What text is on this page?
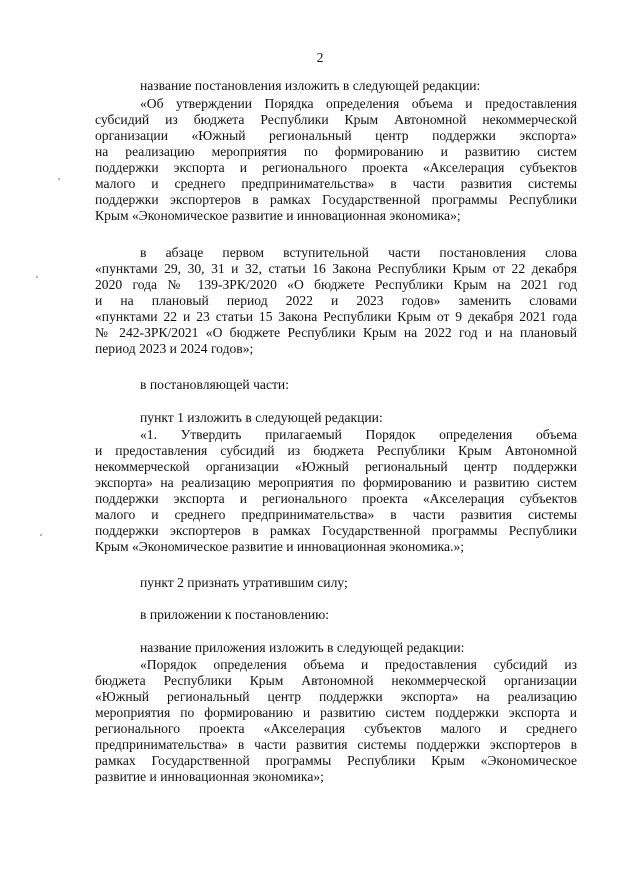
2
название постановления изложить в следующей редакции:
«Об утверждении Порядка определения объема и предоставления
субсидий из бюджета Республики Крым Автономной некоммерческой
организации «Южный региональный центр поддержки экспорта»
на реализацию мероприятия по формированию и развитию систем
поддержки экспорта и регионального проекта «Акселерация субъектов
малого и среднего предпринимательства» в части развития системы
поддержки экспортеров в рамках Государственной программы Республики
Крым «Экономическое развитие и инновационная экономика»;
в абзаце первом вступительной части постановления слова
«пунктами 29, 30, 31 и 32, статьи 16 Закона Республики Крым от 22 декабря
2020 года № 139-ЗРК/2020 «О бюджете Республики Крым на 2021 год
и на плановый период 2022 и 2023 годов» заменить словами
«пунктами 22 и 23 статьи 15 Закона Республики Крым от 9 декабря 2021 года
№ 242-ЗРК/2021 «О бюджете Республики Крым на 2022 год и на плановый
период 2023 и 2024 годов»;
в постановляющей части:
пункт 1 изложить в следующей редакции:
«1. Утвердить прилагаемый Порядок определения объема
и предоставления субсидий из бюджета Республики Крым Автономной
некоммерческой организации «Южный региональный центр поддержки
экспорта» на реализацию мероприятия по формированию и развитию систем
поддержки экспорта и регионального проекта «Акселерация субъектов
малого и среднего предпринимательства» в части развития системы
поддержки экспортеров в рамках Государственной программы Республики
Крым «Экономическое развитие и инновационная экономика.»;
пункт 2 признать утратившим силу;
в приложении к постановлению:
название приложения изложить в следующей редакции:
«Порядок определения объема и предоставления субсидий из
бюджета Республики Крым Автономной некоммерческой организации
«Южный региональный центр поддержки экспорта» на реализацию
мероприятия по формированию и развитию систем поддержки экспорта и
регионального проекта «Акселерация субъектов малого и среднего
предпринимательства» в части развития системы поддержки экспортеров в
рамках Государственной программы Республики Крым «Экономическое
развитие и инновационная экономика»;
